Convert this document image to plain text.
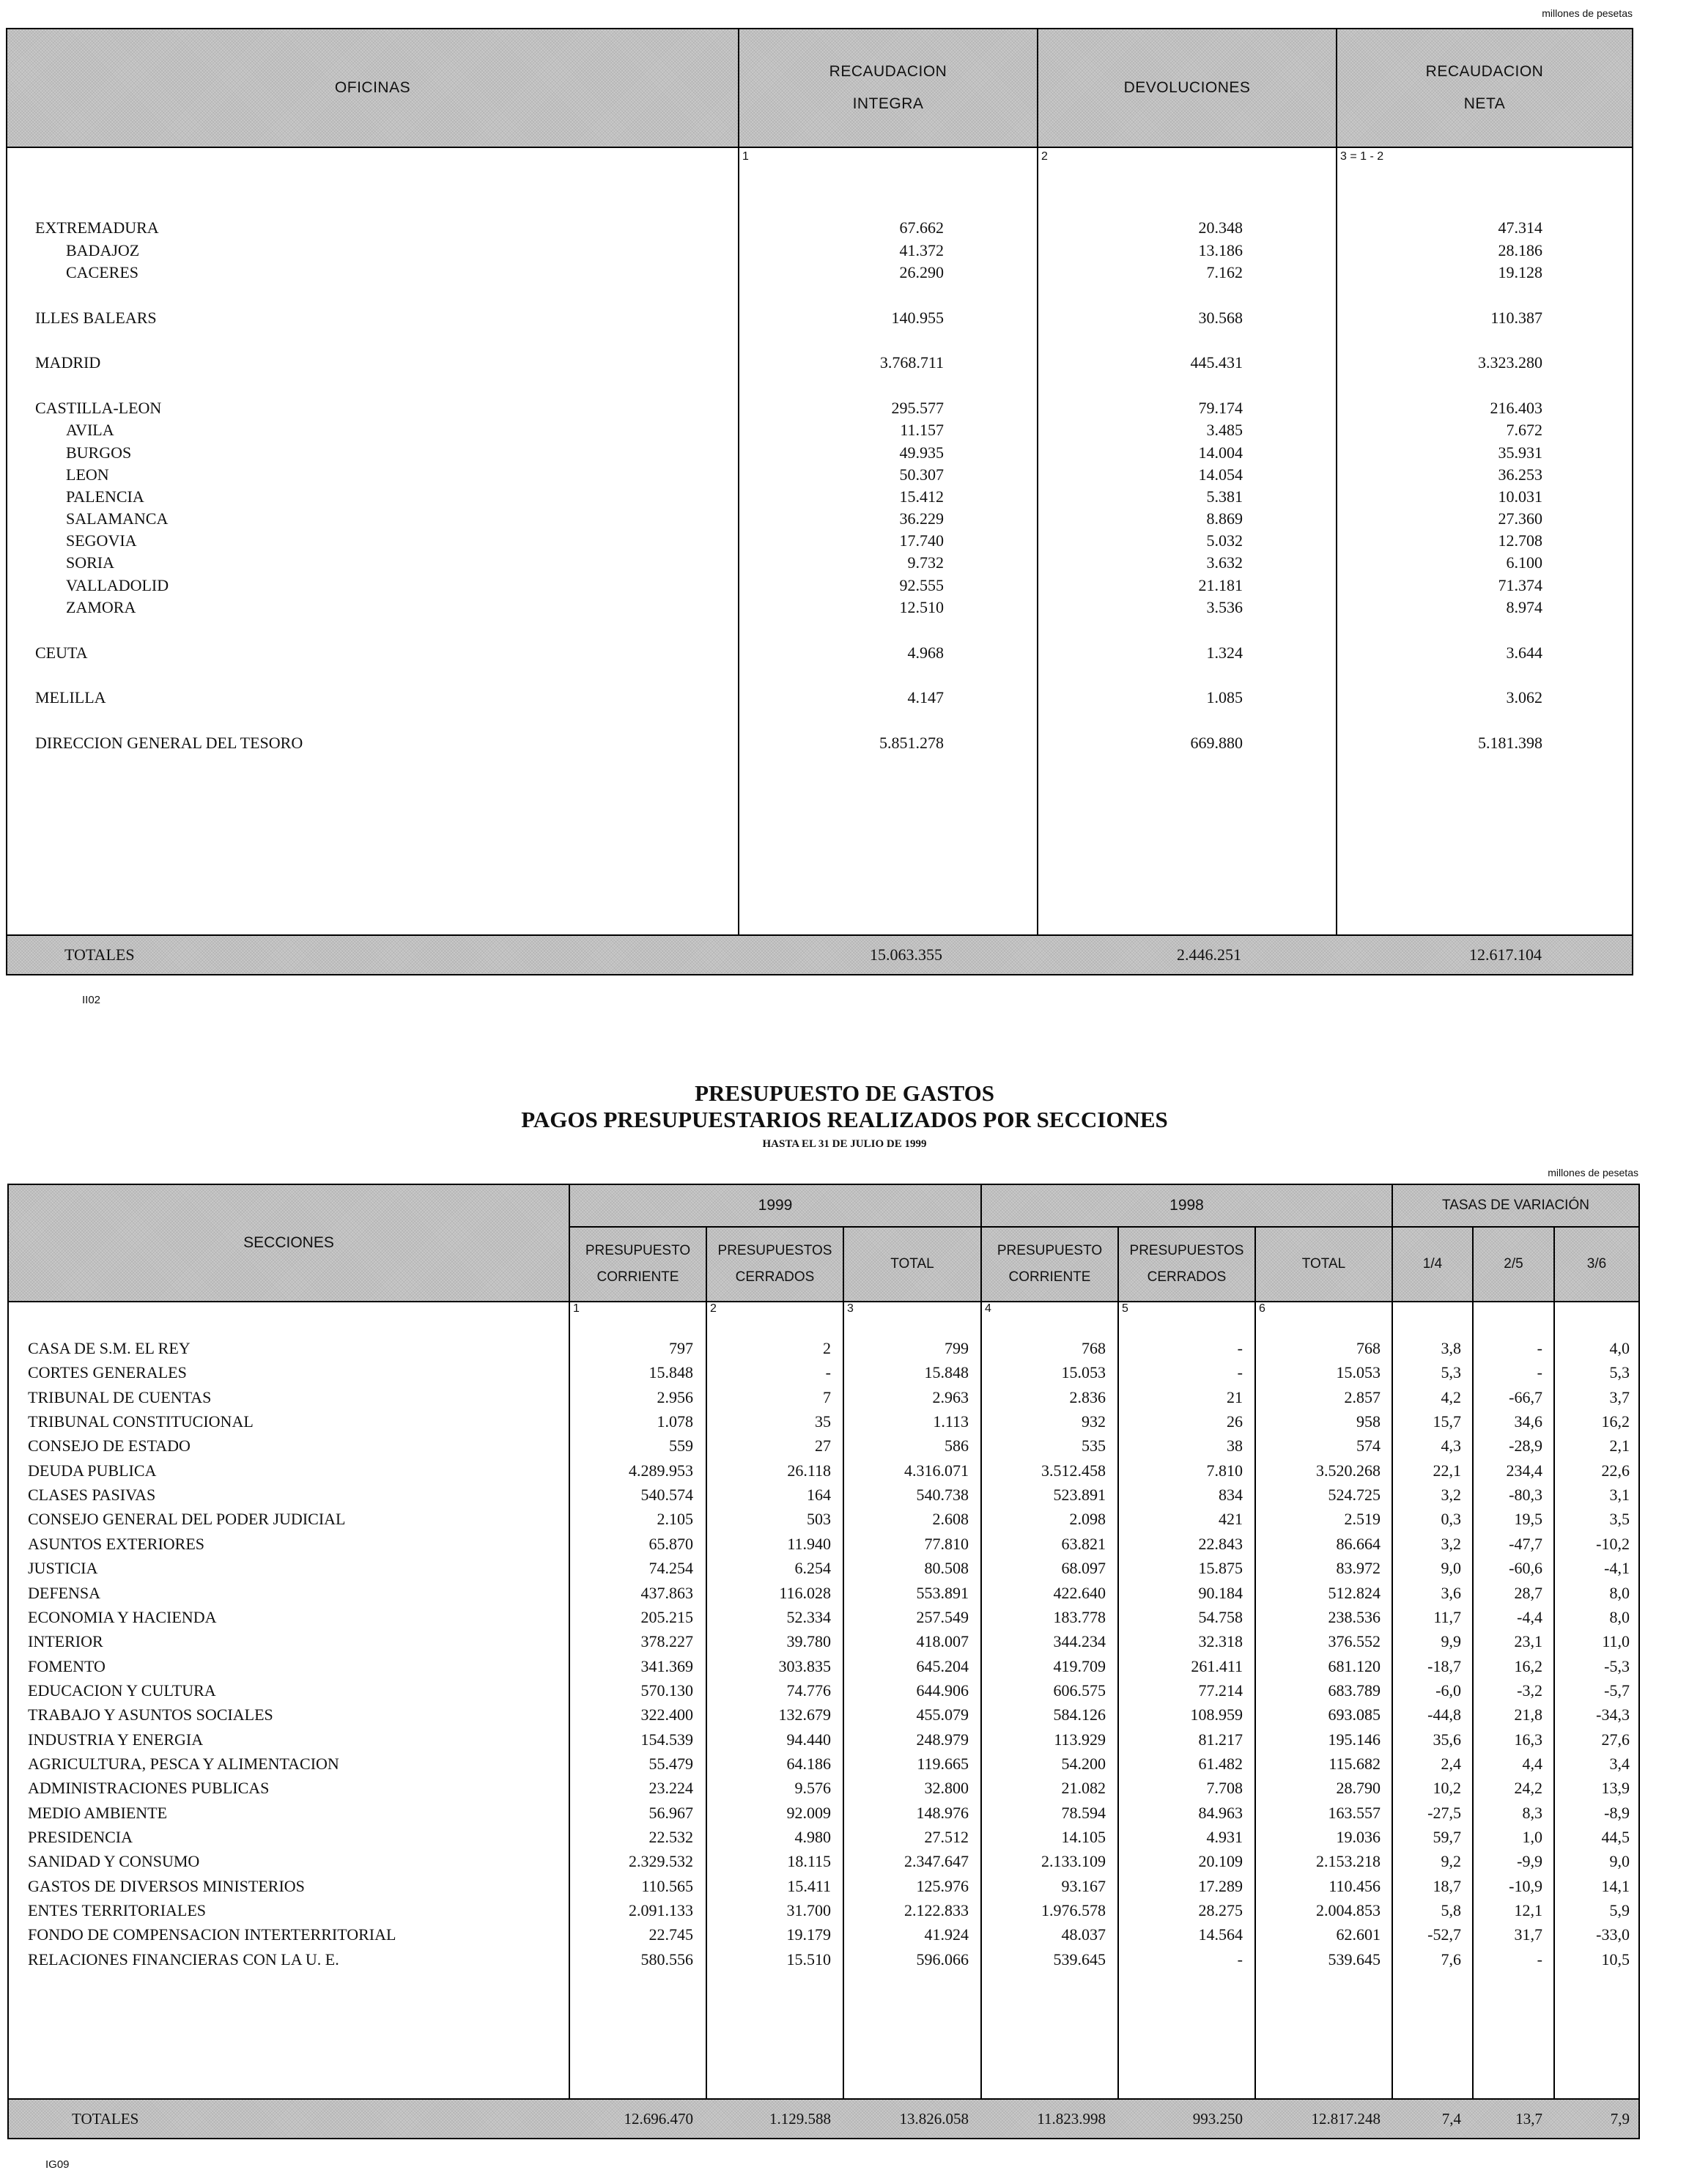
millones de pesetas
OFICINAS
RECAUDACION
INTEGRA
DEVOLUCIONES
RECAUDACION
NETA
1	2	3 = 1 - 2
EXTREMADURA	67.662	20.348	47.314
BADAJOZ	41.372	13.186	28.186
CACERES	26.290	7.162	19.128
ILLES BALEARS	140.955	30.568	110.387
MADRID	3.768.711	445.431	3.323.280
CASTILLA-LEON	295.577	79.174	216.403
AVILA	11.157	3.485	7.672
BURGOS	49.935	14.004	35.931
LEON	50.307	14.054	36.253
PALENCIA	15.412	5.381	10.031
SALAMANCA	36.229	8.869	27.360
SEGOVIA	17.740	5.032	12.708
SORIA	9.732	3.632	6.100
VALLADOLID	92.555	21.181	71.374
ZAMORA	12.510	3.536	8.974
CEUTA	4.968	1.324	3.644
MELILLA	4.147	1.085	3.062
DIRECCION GENERAL DEL TESORO	5.851.278	669.880	5.181.398
TOTALES	15.063.355	2.446.251	12.617.104
II02
PRESUPUESTO DE GASTOS
PAGOS PRESUPUESTARIOS REALIZADOS POR SECCIONES
HASTA EL 31 DE JULIO DE 1999
millones de pesetas
SECCIONES
1999	1998	TASAS DE VARIACIÓN
PRESUPUESTO
CORRIENTE
PRESUPUESTOS
CERRADOS
TOTAL
PRESUPUESTO
CORRIENTE
PRESUPUESTOS
CERRADOS
TOTAL	1/4	2/5	3/6
1	2	3	4	5	6
CASA DE S.M. EL REY	797	2	799	768	-	768	3,8	-	4,0
CORTES GENERALES	15.848	-	15.848	15.053	-	15.053	5,3	-	5,3
TRIBUNAL DE CUENTAS	2.956	7	2.963	2.836	21	2.857	4,2	-66,7	3,7
TRIBUNAL CONSTITUCIONAL	1.078	35	1.113	932	26	958	15,7	34,6	16,2
CONSEJO DE ESTADO	559	27	586	535	38	574	4,3	-28,9	2,1
DEUDA PUBLICA	4.289.953	26.118	4.316.071	3.512.458	7.810	3.520.268	22,1	234,4	22,6
CLASES PASIVAS	540.574	164	540.738	523.891	834	524.725	3,2	-80,3	3,1
CONSEJO GENERAL DEL PODER JUDICIAL	2.105	503	2.608	2.098	421	2.519	0,3	19,5	3,5
ASUNTOS EXTERIORES	65.870	11.940	77.810	63.821	22.843	86.664	3,2	-47,7	-10,2
JUSTICIA	74.254	6.254	80.508	68.097	15.875	83.972	9,0	-60,6	-4,1
DEFENSA	437.863	116.028	553.891	422.640	90.184	512.824	3,6	28,7	8,0
ECONOMIA Y HACIENDA	205.215	52.334	257.549	183.778	54.758	238.536	11,7	-4,4	8,0
INTERIOR	378.227	39.780	418.007	344.234	32.318	376.552	9,9	23,1	11,0
FOMENTO	341.369	303.835	645.204	419.709	261.411	681.120	-18,7	16,2	-5,3
EDUCACION Y CULTURA	570.130	74.776	644.906	606.575	77.214	683.789	-6,0	-3,2	-5,7
TRABAJO Y ASUNTOS SOCIALES	322.400	132.679	455.079	584.126	108.959	693.085	-44,8	21,8	-34,3
INDUSTRIA Y ENERGIA	154.539	94.440	248.979	113.929	81.217	195.146	35,6	16,3	27,6
AGRICULTURA, PESCA Y ALIMENTACION	55.479	64.186	119.665	54.200	61.482	115.682	2,4	4,4	3,4
ADMINISTRACIONES PUBLICAS	23.224	9.576	32.800	21.082	7.708	28.790	10,2	24,2	13,9
MEDIO AMBIENTE	56.967	92.009	148.976	78.594	84.963	163.557	-27,5	8,3	-8,9
PRESIDENCIA	22.532	4.980	27.512	14.105	4.931	19.036	59,7	1,0	44,5
SANIDAD Y CONSUMO	2.329.532	18.115	2.347.647	2.133.109	20.109	2.153.218	9,2	-9,9	9,0
GASTOS DE DIVERSOS MINISTERIOS	110.565	15.411	125.976	93.167	17.289	110.456	18,7	-10,9	14,1
ENTES TERRITORIALES	2.091.133	31.700	2.122.833	1.976.578	28.275	2.004.853	5,8	12,1	5,9
FONDO DE COMPENSACION INTERTERRITORIAL	22.745	19.179	41.924	48.037	14.564	62.601	-52,7	31,7	-33,0
RELACIONES FINANCIERAS CON LA U. E.	580.556	15.510	596.066	539.645	-	539.645	7,6	-	10,5
TOTALES	12.696.470	1.129.588	13.826.058	11.823.998	993.250	12.817.248	7,4	13,7	7,9
IG09
